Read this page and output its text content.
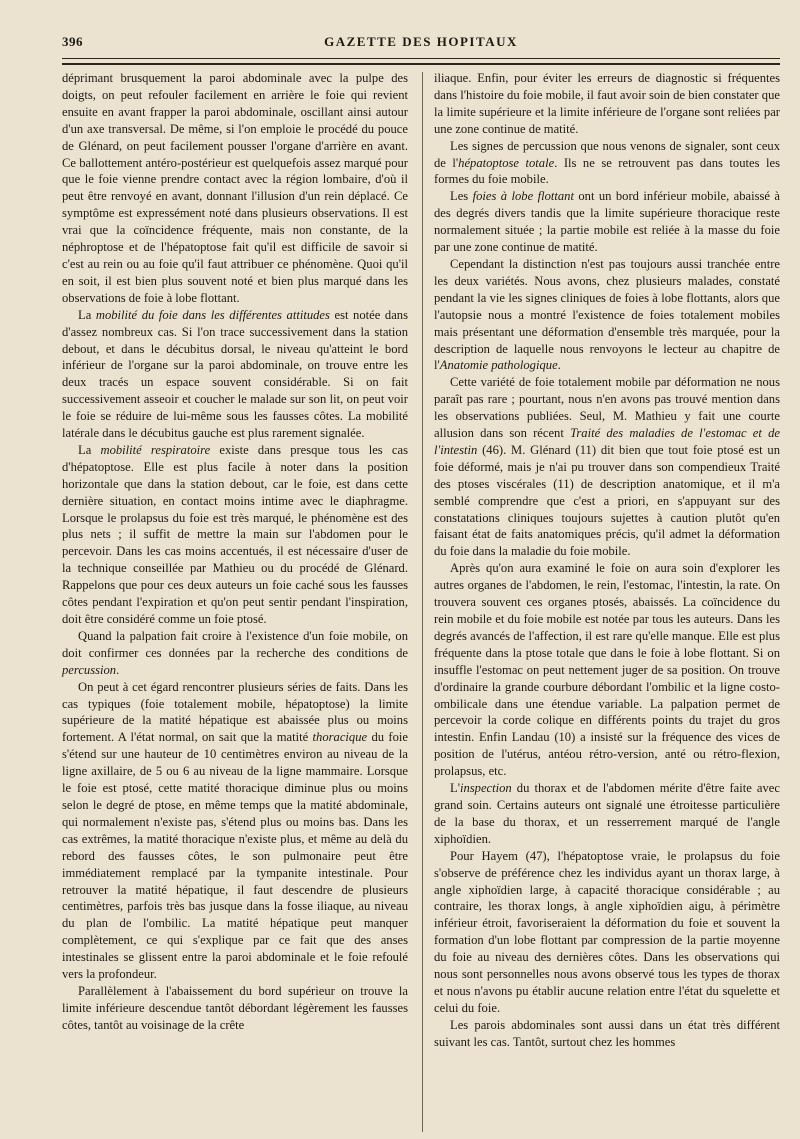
396	GAZETTE DES HOPITAUX

déprimant brusquement la paroi abdominale avec la pulpe des doigts, on peut refouler facilement en arrière le foie qui revient ensuite en avant frapper la paroi abdominale, oscillant ainsi autour d'un axe transversal. De même, si l'on emploie le procédé du pouce de Glénard, on peut facilement pousser l'organe d'arrière en avant. Ce ballottement antéro-postérieur est quelquefois assez marqué pour que le foie vienne prendre contact avec la région lombaire, d'où il peut être renvoyé en avant, donnant l'illusion d'un rein déplacé. Ce symptôme est expressément noté dans plusieurs observations. Il est vrai que la coïncidence fréquente, mais non constante, de la néphroptose et de l'hépatoptose fait qu'il est difficile de savoir si c'est au rein ou au foie qu'il faut attribuer ce phénomène. Quoi qu'il en soit, il est bien plus souvent noté et bien plus marqué dans les observations de foie à lobe flottant.

La mobilité du foie dans les différentes attitudes est notée dans d'assez nombreux cas. Si l'on trace successivement dans la station debout, et dans le décubitus dorsal, le niveau qu'atteint le bord inférieur de l'organe sur la paroi abdominale, on trouve entre les deux tracés un espace souvent considérable. Si on fait successivement asseoir et coucher le malade sur son lit, on peut voir le foie se réduire de lui-même sous les fausses côtes. La mobilité latérale dans le décubitus gauche est plus rarement signalée.

La mobilité respiratoire existe dans presque tous les cas d'hépatoptose. Elle est plus facile à noter dans la position horizontale que dans la station debout, car le foie, est dans cette dernière situation, en contact moins intime avec le diaphragme. Lorsque le prolapsus du foie est très marqué, le phénomène est des plus nets ; il suffit de mettre la main sur l'abdomen pour le percevoir. Dans les cas moins accentués, il est nécessaire d'user de la technique conseillée par Mathieu ou du procédé de Glénard. Rappelons que pour ces deux auteurs un foie caché sous les fausses côtes pendant l'expiration et qu'on peut sentir pendant l'inspiration, doit être considéré comme un foie ptosé.

Quand la palpation fait croire à l'existence d'un foie mobile, on doit confirmer ces données par la recherche des conditions de percussion.

On peut à cet égard rencontrer plusieurs séries de faits. Dans les cas typiques (foie totalement mobile, hépatoptose) la limite supérieure de la matité hépatique est abaissée plus ou moins fortement. A l'état normal, on sait que la matité thoracique du foie s'étend sur une hauteur de 10 centimètres environ au niveau de la ligne axillaire, de 5 ou 6 au niveau de la ligne mammaire. Lorsque le foie est ptosé, cette matité thoracique diminue plus ou moins selon le degré de ptose, en même temps que la matité abdominale, qui normalement n'existe pas, s'étend plus ou moins bas. Dans les cas extrêmes, la matité thoracique n'existe plus, et même au delà du rebord des fausses côtes, le son pulmonaire peut être immédiatement remplacé par la tympanite intestinale. Pour retrouver la matité hépatique, il faut descendre de plusieurs centimètres, parfois très bas jusque dans la fosse iliaque, au niveau du plan de l'ombilic. La matité hépatique peut manquer complètement, ce qui s'explique par ce fait que des anses intestinales se glissent entre la paroi abdominale et le foie refoulé vers la profondeur.

Parallèlement à l'abaissement du bord supérieur on trouve la limite inférieure descendue tantôt débordant légèrement les fausses côtes, tantôt au voisinage de la crête

iliaque. Enfin, pour éviter les erreurs de diagnostic si fréquentes dans l'histoire du foie mobile, il faut avoir soin de bien constater que la limite supérieure et la limite inférieure de l'organe sont reliées par une zone continue de matité.

Les signes de percussion que nous venons de signaler, sont ceux de l'hépatoptose totale. Ils ne se retrouvent pas dans toutes les formes du foie mobile.

Les foies à lobe flottant ont un bord inférieur mobile, abaissé à des degrés divers tandis que la limite supérieure thoracique reste normalement située ; la partie mobile est reliée à la masse du foie par une zone continue de matité.

Cependant la distinction n'est pas toujours aussi tranchée entre les deux variétés. Nous avons, chez plusieurs malades, constaté pendant la vie les signes cliniques de foies à lobe flottants, alors que l'autopsie nous a montré l'existence de foies totalement mobiles mais présentant une déformation d'ensemble très marquée, pour la description de laquelle nous renvoyons le lecteur au chapitre de l'Anatomie pathologique.

Cette variété de foie totalement mobile par déformation ne nous paraît pas rare ; pourtant, nous n'en avons pas trouvé mention dans les observations publiées. Seul, M. Mathieu y fait une courte allusion dans son récent Traité des maladies de l'estomac et de l'intestin (46). M. Glénard (11) dit bien que tout foie ptosé est un foie déformé, mais je n'ai pu trouver dans son compendieux Traité des ptoses viscérales (11) de description anatomique, et il m'a semblé comprendre que c'est a priori, en s'appuyant sur des constatations cliniques toujours sujettes à caution plutôt qu'en faisant état de faits anatomiques précis, qu'il admet la déformation du foie dans la maladie du foie mobile.

Après qu'on aura examiné le foie on aura soin d'explorer les autres organes de l'abdomen, le rein, l'estomac, l'intestin, la rate. On trouvera souvent ces organes ptosés, abaissés. La coïncidence du rein mobile et du foie mobile est notée par tous les auteurs. Dans les degrés avancés de l'affection, il est rare qu'elle manque. Elle est plus fréquente dans la ptose totale que dans le foie à lobe flottant. Si on insuffle l'estomac on peut nettement juger de sa position. On trouve d'ordinaire la grande courbure débordant l'ombilic et la ligne costo-ombilicale dans une étendue variable. La palpation permet de percevoir la corde colique en différents points du trajet du gros intestin. Enfin Landau (10) a insisté sur la fréquence des vices de position de l'utérus, antéou rétro-version, anté ou rétro-flexion, prolapsus, etc.

L'inspection du thorax et de l'abdomen mérite d'être faite avec grand soin. Certains auteurs ont signalé une étroitesse particulière de la base du thorax, et un resserrement marqué de l'angle xiphoïdien.

Pour Hayem (47), l'hépatoptose vraie, le prolapsus du foie s'observe de préférence chez les individus ayant un thorax large, à angle xiphoïdien large, à capacité thoracique considérable ; au contraire, les thorax longs, à angle xiphoïdien aigu, à périmètre inférieur étroit, favoriseraient la déformation du foie et souvent la formation d'un lobe flottant par compression de la partie moyenne du foie au niveau des dernières côtes. Dans les observations qui nous sont personnelles nous avons observé tous les types de thorax et nous n'avons pu établir aucune relation entre l'état du squelette et celui du foie.

Les parois abdominales sont aussi dans un état très différent suivant les cas. Tantôt, surtout chez les hommes
